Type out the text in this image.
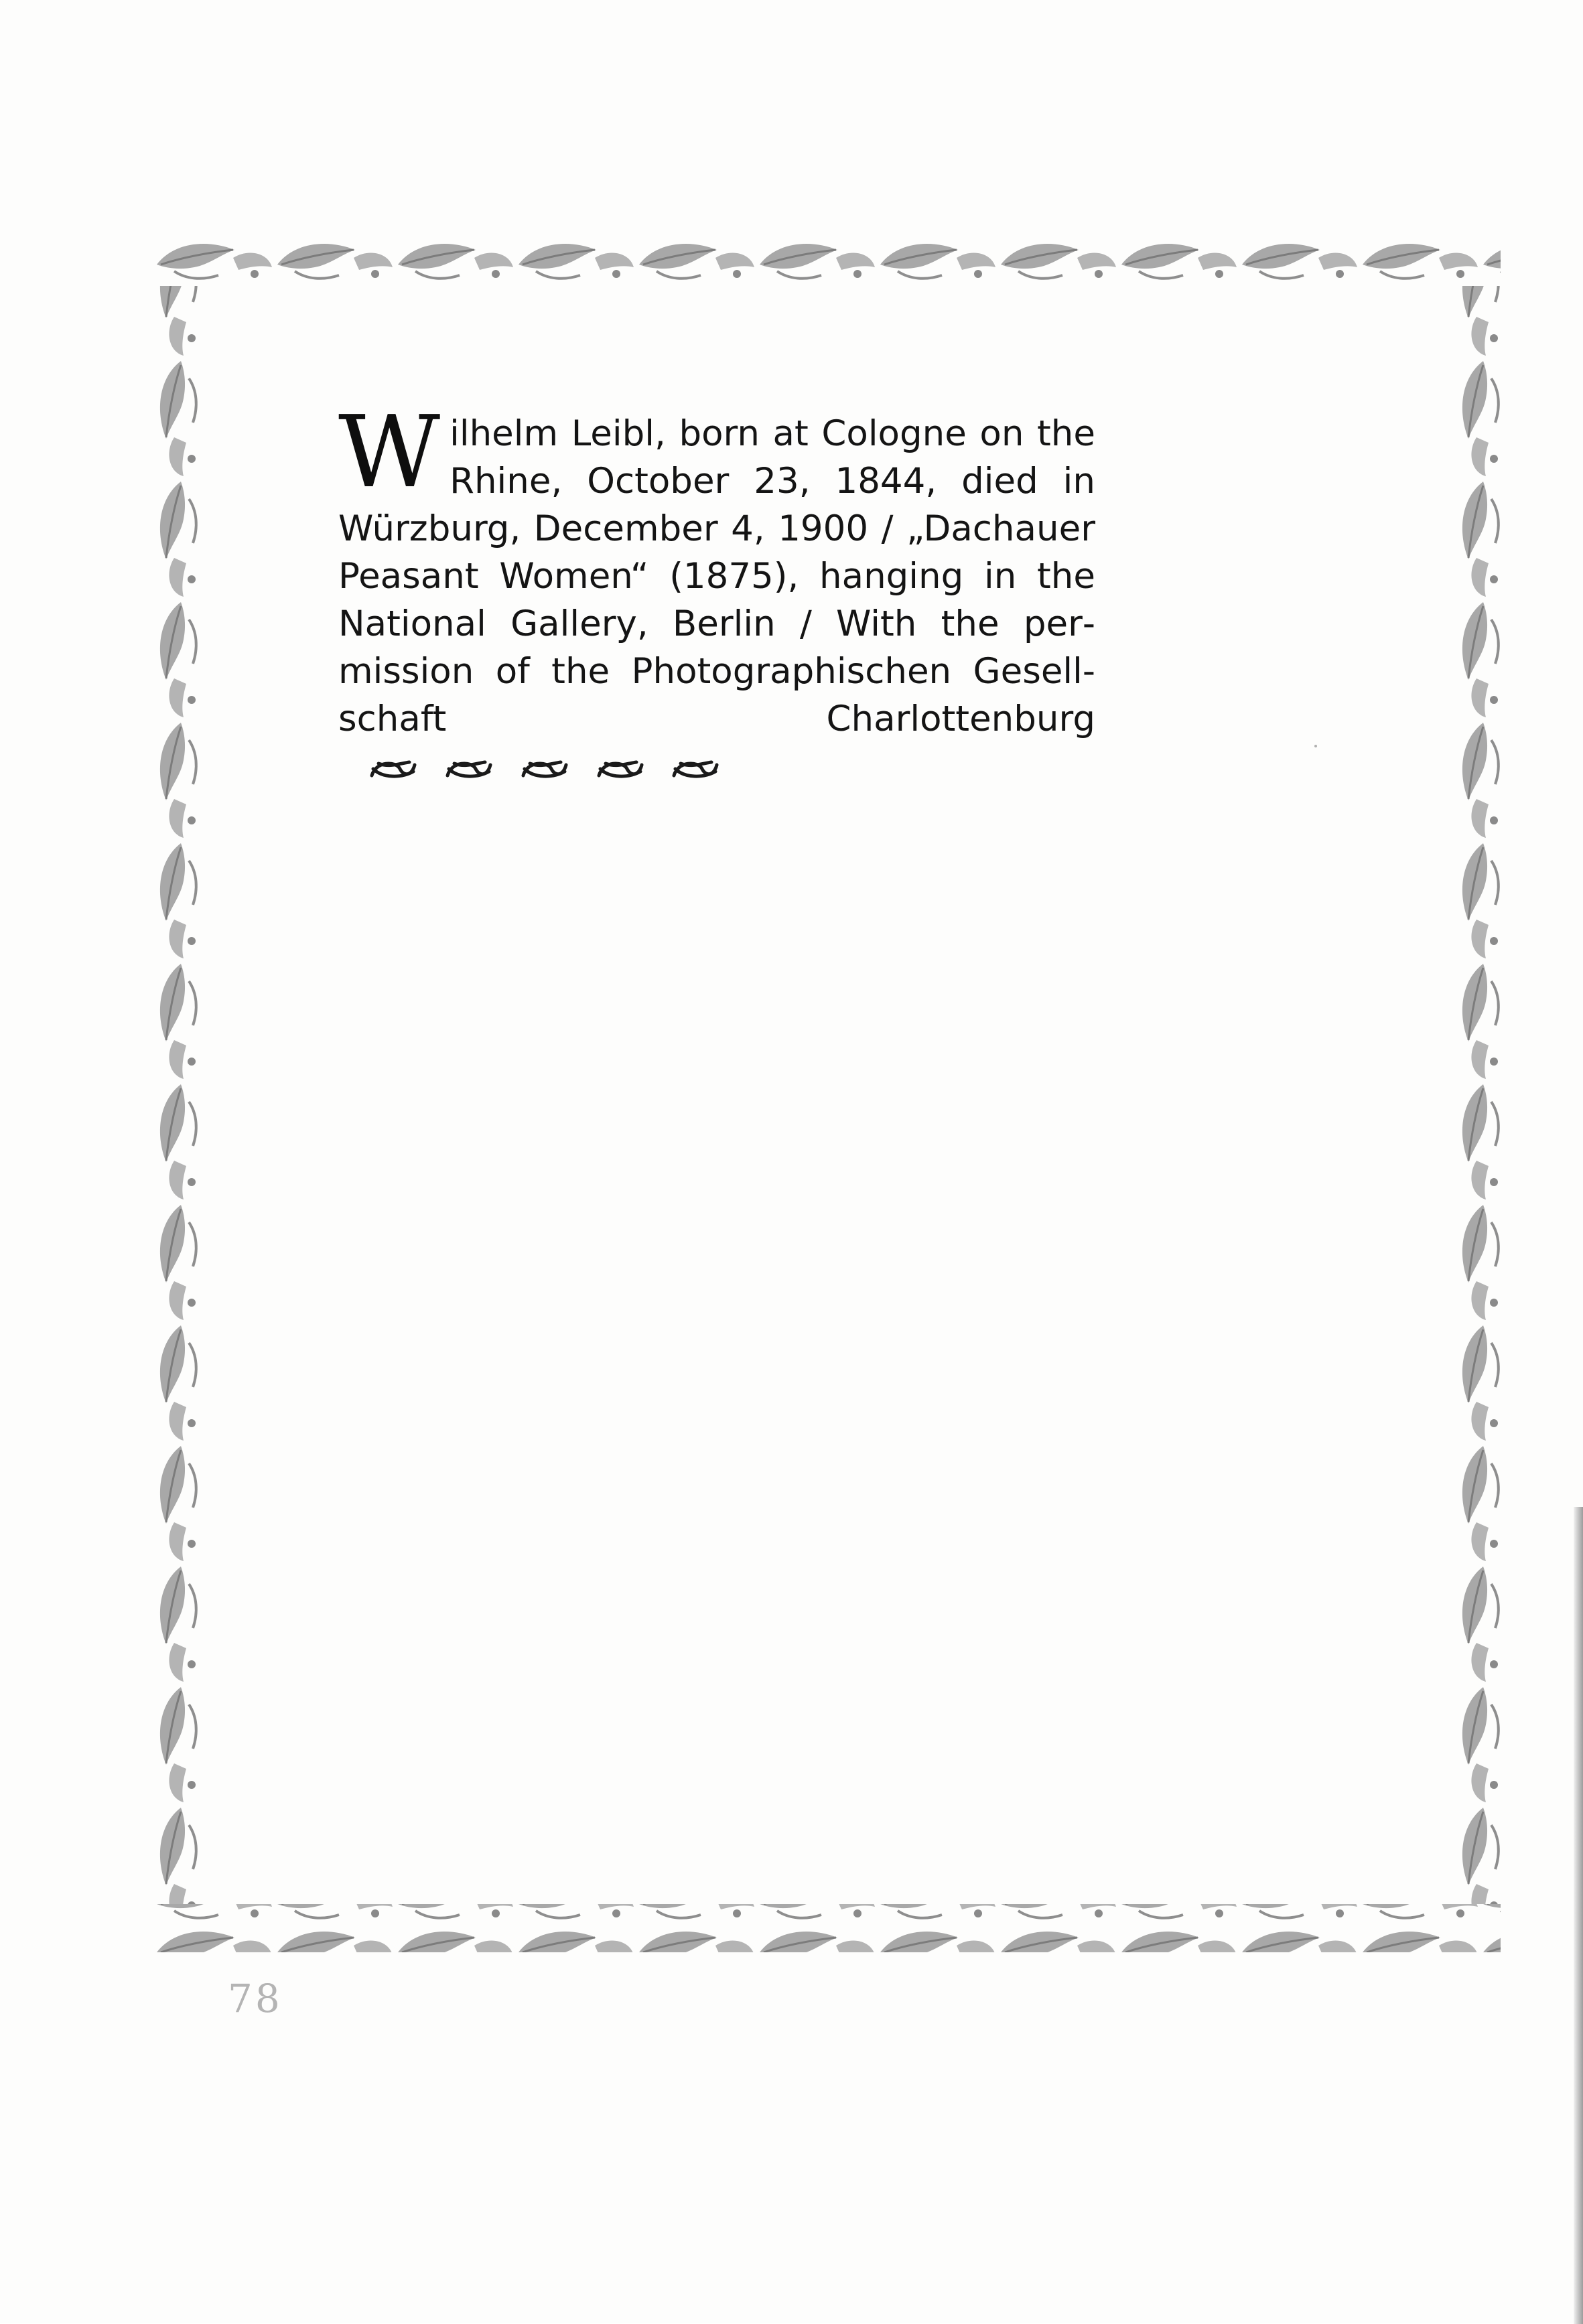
W ilhelm Leibl, born at Cologne on the Rhine, October 23, 1844, died in Würzburg, December 4, 1900 / „Dachauer Peasant Women“ (1875), hanging in the National Gallery, Berlin / With the permission of the Photographischen Gesellschaft Charlottenburg
78
